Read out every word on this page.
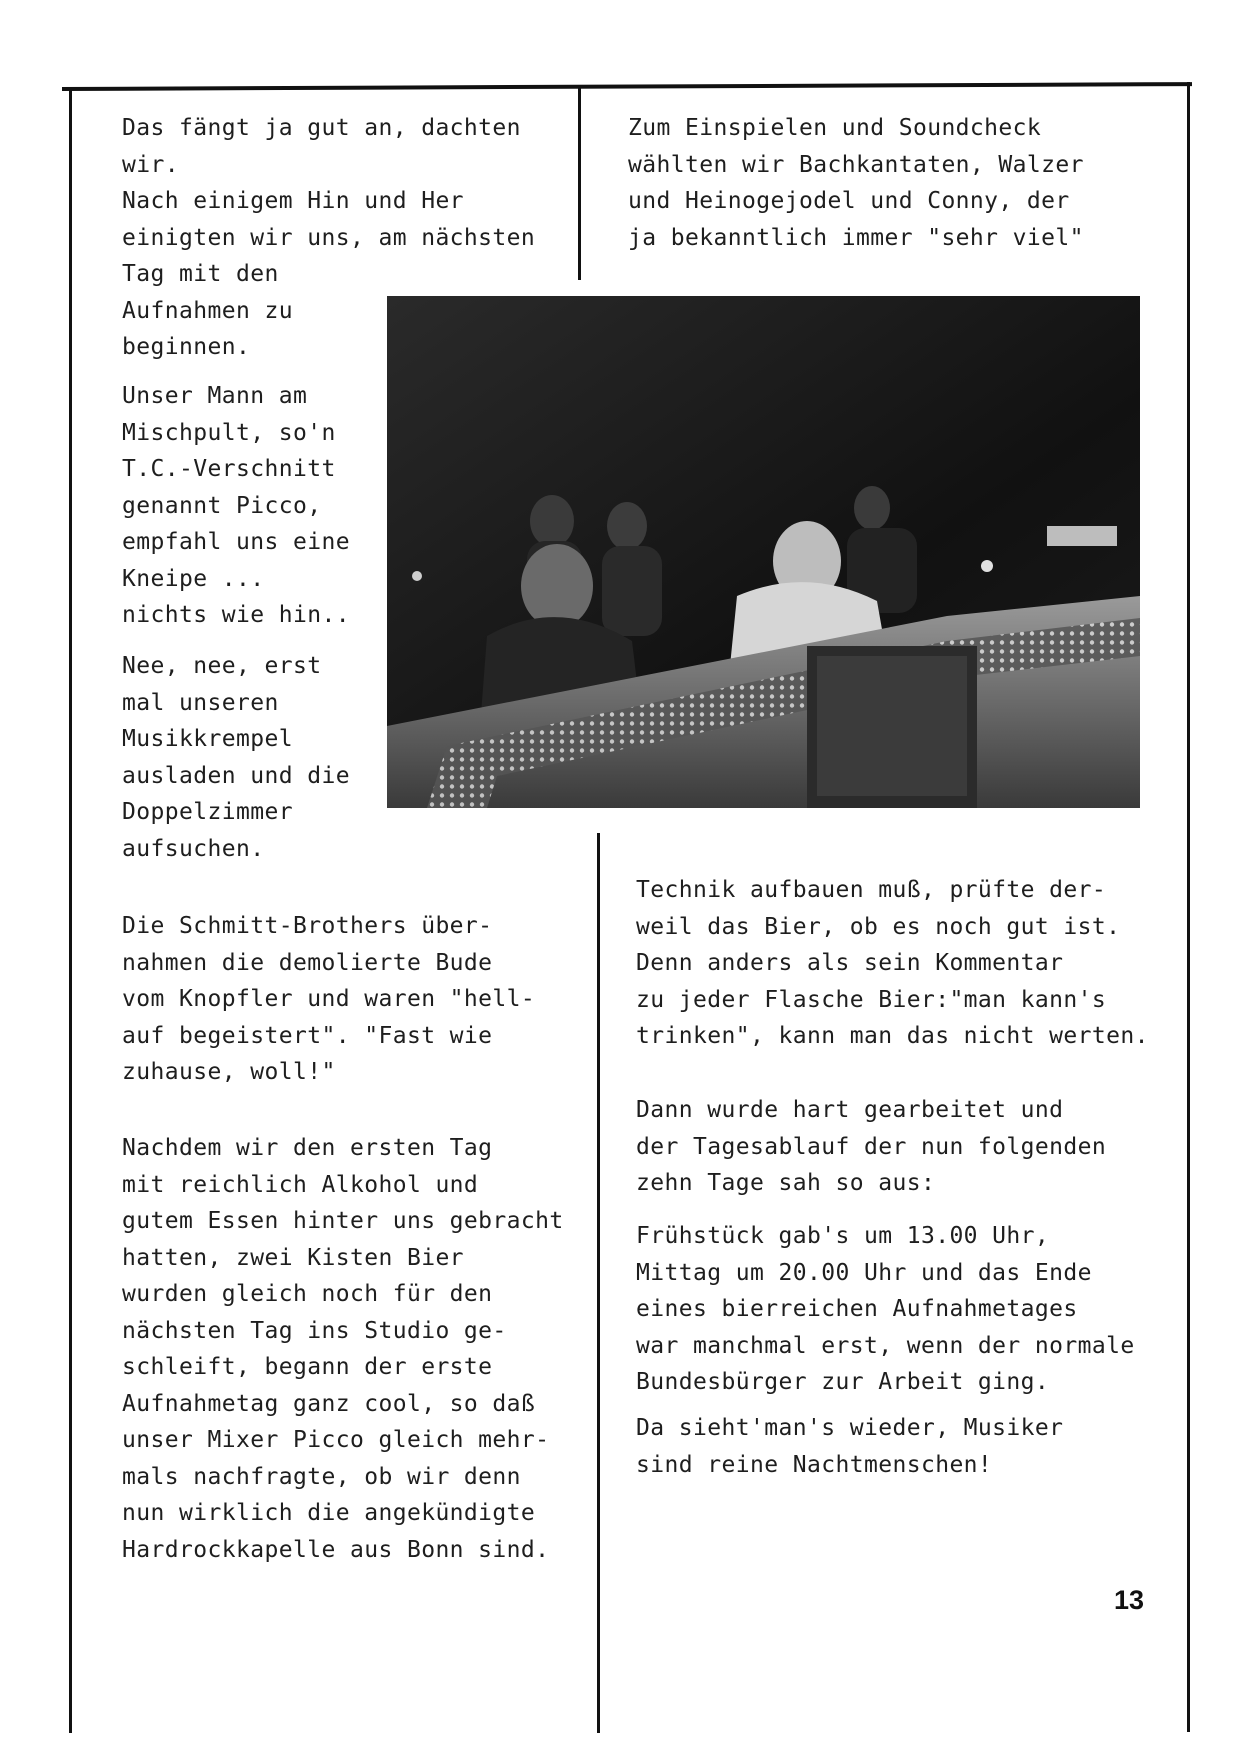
Das fängt ja gut an, dachten
wir.
Nach einigem Hin und Her
einigten wir uns, am nächsten
Tag mit den
Aufnahmen zu
beginnen.

Unser Mann am
Mischpult, so'n
T.C.-Verschnitt
genannt Picco,
empfahl uns eine
Kneipe ...
nichts wie hin..

Nee, nee, erst
mal unseren
Musikkrempel
ausladen und die
Doppelzimmer
aufsuchen.

Zum Einspielen und Soundcheck
wählten wir Bachkantaten, Walzer
und Heinogejodel und Conny, der
ja bekanntlich immer "sehr viel"

Die Schmitt-Brothers über-
nahmen die demolierte Bude
vom Knopfler und waren "hell-
auf begeistert". "Fast wie
zuhause, woll!"

Nachdem wir den ersten Tag
mit reichlich Alkohol und
gutem Essen hinter uns gebracht
hatten, zwei Kisten Bier
wurden gleich noch für den
nächsten Tag ins Studio ge-
schleift, begann der erste
Aufnahmetag ganz cool, so daß
unser Mixer Picco gleich mehr-
mals nachfragte, ob wir denn
nun wirklich die angekündigte
Hardrockkapelle aus Bonn sind.

Technik aufbauen muß, prüfte der-
weil das Bier, ob es noch gut ist.
Denn anders als sein Kommentar
zu jeder Flasche Bier:"man kann's
trinken", kann man das nicht werten.

Dann wurde hart gearbeitet und
der Tagesablauf der nun folgenden
zehn Tage sah so aus:

Frühstück gab's um 13.00 Uhr,
Mittag um 20.00 Uhr und das Ende
eines bierreichen Aufnahmetages
war manchmal erst, wenn der normale
Bundesbürger zur Arbeit ging.

Da sieht'man's wieder, Musiker
sind reine Nachtmenschen!

13
